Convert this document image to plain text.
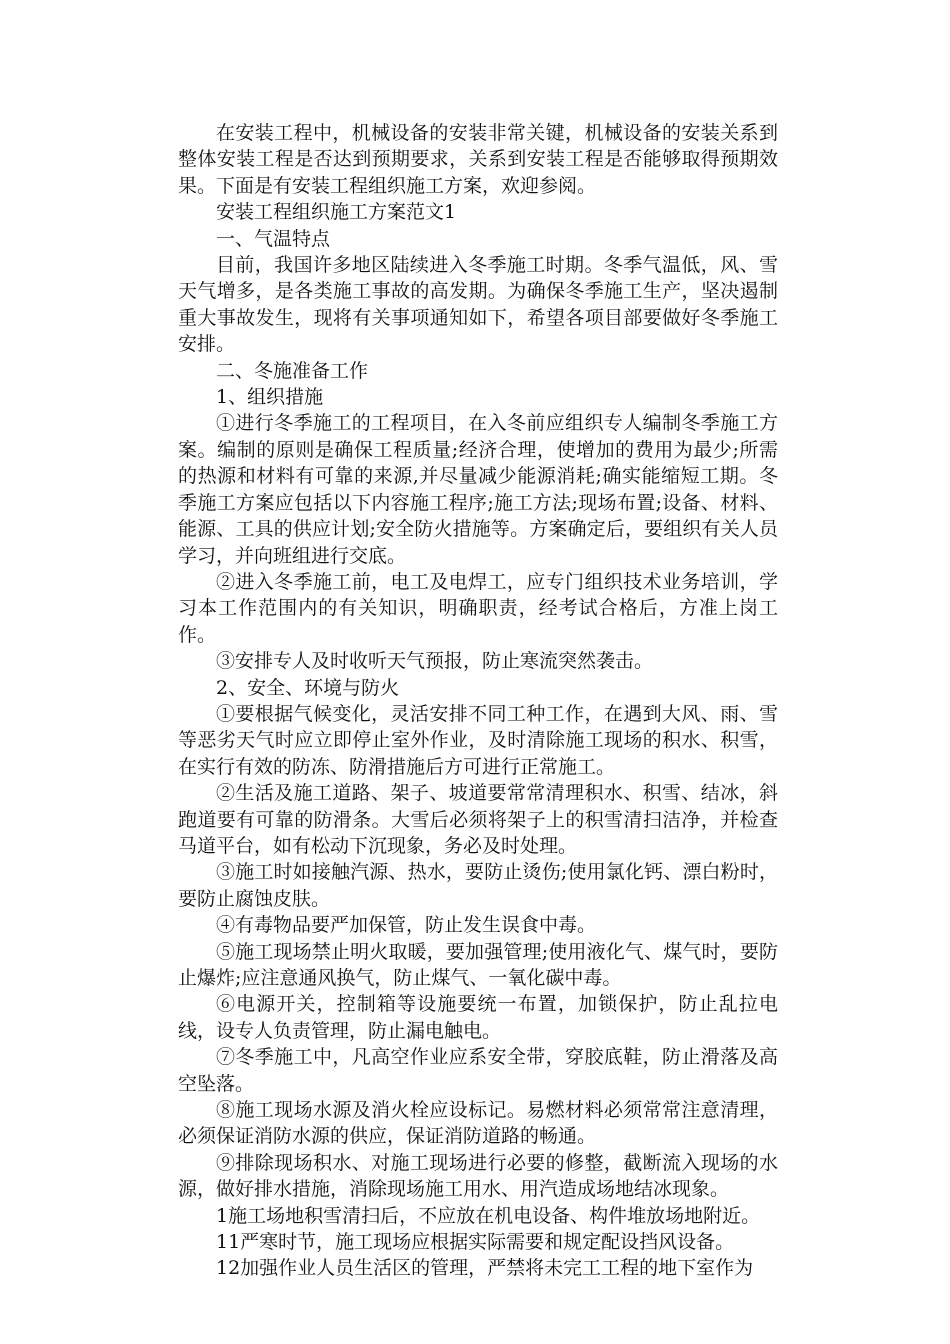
在安装工程中，机械设备的安装非常关键，机械设备的安装关系到整体安装工程是否达到预期要求，关系到安装工程是否能够取得预期效果。下面是有安装工程组织施工方案，欢迎参阅。

安装工程组织施工方案范文1

一、气温特点

目前，我国许多地区陆续进入冬季施工时期。冬季气温低，风、雪天气增多，是各类施工事故的高发期。为确保冬季施工生产，坚决遏制重大事故发生，现将有关事项通知如下，希望各项目部要做好冬季施工安排。

二、冬施准备工作

1、组织措施

①进行冬季施工的工程项目，在入冬前应组织专人编制冬季施工方案。编制的原则是确保工程质量;经济合理，使增加的费用为最少;所需的热源和材料有可靠的来源,并尽量减少能源消耗;确实能缩短工期。冬季施工方案应包括以下内容施工程序;施工方法;现场布置;设备、材料、能源、工具的供应计划;安全防火措施等。方案确定后，要组织有关人员学习，并向班组进行交底。

②进入冬季施工前，电工及电焊工，应专门组织技术业务培训，学习本工作范围内的有关知识，明确职责，经考试合格后，方准上岗工作。

③安排专人及时收听天气预报，防止寒流突然袭击。

2、安全、环境与防火

①要根据气候变化，灵活安排不同工种工作，在遇到大风、雨、雪等恶劣天气时应立即停止室外作业，及时清除施工现场的积水、积雪，在实行有效的防冻、防滑措施后方可进行正常施工。

②生活及施工道路、架子、坡道要常常清理积水、积雪、结冰，斜跑道要有可靠的防滑条。大雪后必须将架子上的积雪清扫洁净，并检查马道平台，如有松动下沉现象，务必及时处理。

③施工时如接触汽源、热水，要防止烫伤;使用氯化钙、漂白粉时，要防止腐蚀皮肤。

④有毒物品要严加保管，防止发生误食中毒。

⑤施工现场禁止明火取暖，要加强管理;使用液化气、煤气时，要防止爆炸;应注意通风换气，防止煤气、一氧化碳中毒。

⑥电源开关，控制箱等设施要统一布置，加锁保护，防止乱拉电线，设专人负责管理，防止漏电触电。

⑦冬季施工中，凡高空作业应系安全带，穿胶底鞋，防止滑落及高空坠落。

⑧施工现场水源及消火栓应设标记。易燃材料必须常常注意清理，必须保证消防水源的供应，保证消防道路的畅通。

⑨排除现场积水、对施工现场进行必要的修整，截断流入现场的水源，做好排水措施，消除现场施工用水、用汽造成场地结冰现象。

1施工场地积雪清扫后，不应放在机电设备、构件堆放场地附近。

11严寒时节，施工现场应根据实际需要和规定配设挡风设备。

12加强作业人员生活区的管理，严禁将未完工工程的地下室作为
